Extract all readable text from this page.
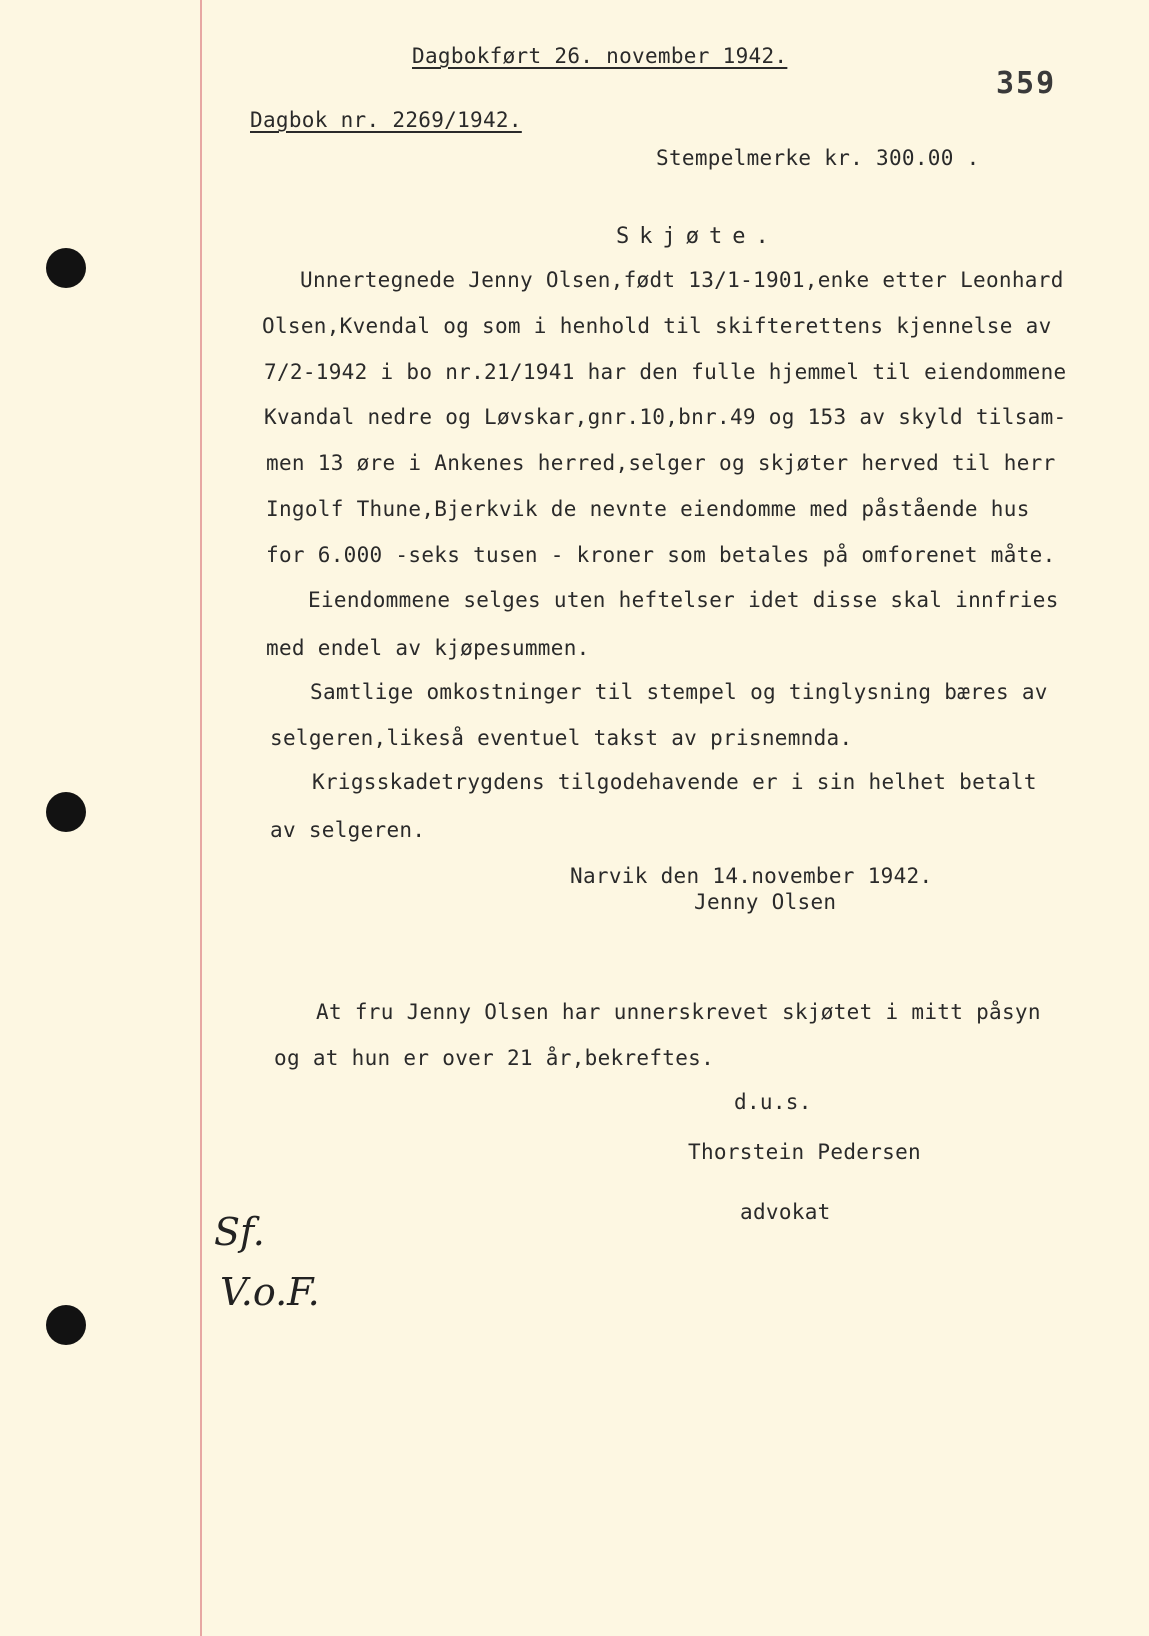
Dagbokført 26. november 1942.
359
Dagbok nr. 2269/1942.
Stempelmerke kr. 300.00 .
Skjøte.
Unnertegnede Jenny Olsen,født 13/1-1901,enke etter Leonhard
Olsen,Kvendal og som i henhold til skifterettens kjennelse av
7/2-1942 i bo nr.21/1941 har den fulle hjemmel til eiendommene
Kvandal nedre og Løvskar,gnr.10,bnr.49 og 153 av skyld tilsam-
men 13 øre i Ankenes herred,selger og skjøter herved til herr
Ingolf Thune,Bjerkvik de nevnte eiendomme med påstående hus
for 6.000 -seks tusen - kroner som betales på omforenet måte.
Eiendommene selges uten heftelser idet disse skal innfries
med endel av kjøpesummen.
Samtlige omkostninger til stempel og tinglysning bæres av
selgeren,likeså eventuel takst av prisnemnda.
Krigsskadetrygdens tilgodehavende er i sin helhet betalt
av selgeren.
Narvik den 14.november 1942.
Jenny Olsen
At fru Jenny Olsen har unnerskrevet skjøtet i mitt påsyn
og at hun er over 21 år,bekreftes.
d.u.s.
Thorstein Pedersen
advokat
Sf.
V.o.F.
